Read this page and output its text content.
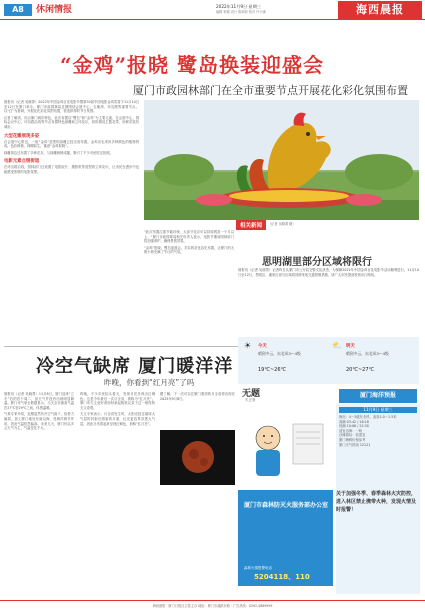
A8	休闲情报	2022年11月9日 星期三
编辑 柯锦 设计 陈莉莉 校对 许小溪	海西晨报
“金鸡”报晓 鹭岛换装迎盛会
厦门市政园林部门在全市重要节点开展花化彩化氛围布置

晨报讯（记者 吴晓菁）2022年中国金鸡百花电影节暨第35届中国电影金鸡奖将于11月10日至12日在厦门举办。厦门市政园林局近期围绕会展中心、五缘湾、环岛路等重要节点，以“红”为基调，开展花化彩化氛围布置，营造浓厚的节日氛围。

记者了解到，结合厦门城市特色，此次布置以“鹭岛”和“金鸡”为主要元素，在会展中心、国际会议中心、环岛路沿线等节点布置特色绿雕和立体花坛，同时增设主题花带，用鲜花装扮城市。

大型花雕展现多姿

在会展中心附近，一组“金鸡”造型的绿雕已经完成布置。金鸡羽毛采用多种颜色的植物拼成，色彩鲜艳，栩栩如生，寓意“金鸡报晓”。

绿雕周边还布置了多种花卉，与绿雕相映成趣，吸引了不少市民驻足拍照。

电影元素点缀街道

在环岛路沿线，园林部门还设置了电影胶片、摄影机等造型的立体花坛，让市民在漫步中也能感受浓厚的电影氛围。

（记者 吴晓菁 摄）

“此次布置注重节能环保，大部分花卉可以持续观赏一个月以上。”厦门市政园林局相关负责人表示，电影节期间园林部门将加强养护，确保景观效果。

“金鸡”报晓，鹭岛迎盛会。多彩的花化彩化布置，让厦门的大街小巷充满了节日的气氛。

相关新闻
思明湖里部分区域将限行

晨报讯（记者 吴晓菁）记者昨日从厦门市公安局交警支队获悉，为保障2022年中国金鸡百花电影节活动顺利进行，11月10日至12日，思明区、湖里区部分区域将视情采取交通管制措施，请广大市民提前规划出行路线。

冷空气缺席 厦门暖洋洋
昨晚，你看到“红月亮”了吗

晨报讯（记者 吴晓菁）11月8日，厦门迎来“立冬”后的首个周二，但天气并没有出现明显降温。厦门市气象台数据显示，当天全市最高气温在27℃至29℃之间，体感温暖。

气象专家介绍，近期虽然有冷空气南下，但势力偏弱，加上厦门地处东南沿海，受海洋调节作用，因此气温依然偏高。未来几天，厦门仍以多云天气为主，气温变化不大。

昨晚，不少市民抬头看天，发现月亮呈现出红铜色。这是今年最后一次月全食，被称为“红月亮”。厦门市天文爱好者纷纷拿起相机记录下这一难得的天文奇观。

天文专家表示，月全食发生时，太阳光经过地球大气层的折射后照射到月面，红光更容易穿透大气层，因此月亮看起来呈现红铜色，俗称“红月亮”。

据了解，下一次可以在厦门看到的月全食将出现在2025年9月8日。

☀ 今天
晴到多云，东北风3～4级
19℃~26℃
⛅ 明天
晴到多云，东北风3～4级
20℃~27℃
无题
朱正康
厦门海洋预报
11月9日 星期三

海况：4～5级东北风，浪高1.0～1.5米

高潮 03:42 / 16:18

低潮 10:06 / 22:30

适宜出海：一般

沙滩游玩：较适宜

厦门海鲜价格参考

厦门天气热线 12121

厦门市森林防灭火服务部办公室
森林火情报警电话
5204118、110
关于加强冬季、春季森林火灾防控，进入林区禁止携带火种，发现火情及时报警！
海西晨报 · 厦门日报社主管主办 地址：厦门市湖滨东路 · 广告热线：0592-5889999
